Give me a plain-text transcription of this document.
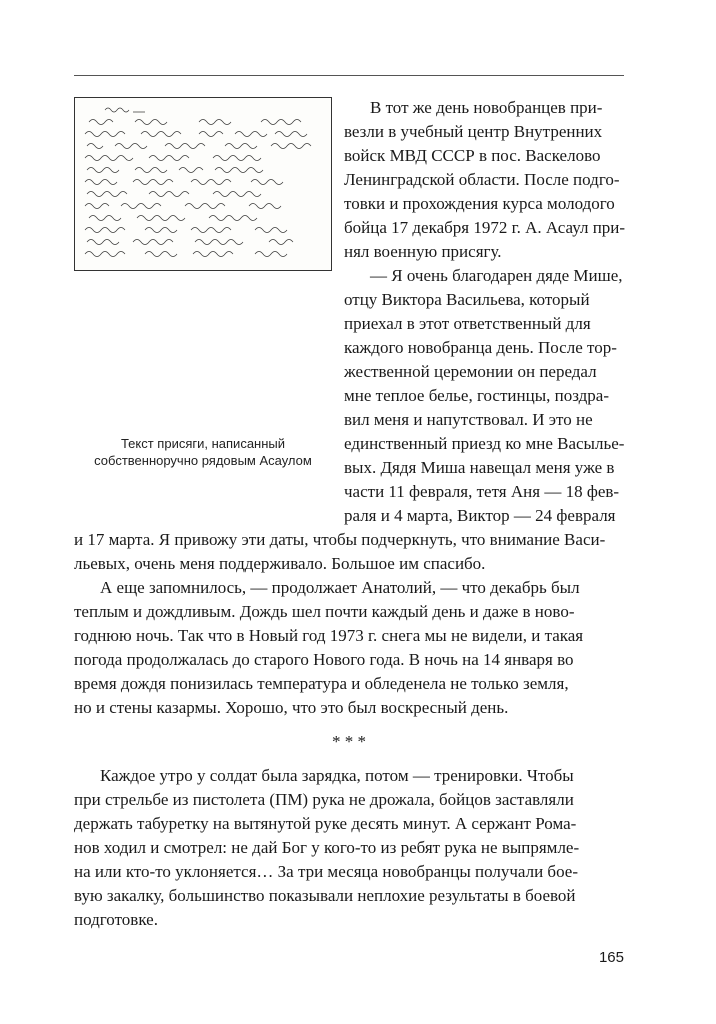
Текст присяги, написанный
собственноручно рядовым Асаулом
В тот же день новобранцев при-
везли в учебный центр Внутренних
войск МВД СССР в пос. Васкелово
Ленинградской области. После подго-
товки и прохождения курса молодого
бойца 17 декабря 1972 г. А. Асаул при-
нял военную присягу.
— Я очень благодарен дяде Мише,
отцу Виктора Васильева, который
приехал в этот ответственный для
каждого новобранца день. После тор-
жественной церемонии он передал
мне теплое белье, гостинцы, поздра-
вил меня и напутствовал. И это не
единственный приезд ко мне Васылье-
вых. Дядя Миша навещал меня уже в
части 11 февраля, тетя Аня — 18 фев-
раля и 4 марта, Виктор — 24 февраля
и 17 марта. Я привожу эти даты, чтобы подчеркнуть, что внимание Васи-
льевых, очень меня поддерживало. Большое им спасибо.
А еще запомнилось, — продолжает Анатолий, — что декабрь был
теплым и дождливым. Дождь шел почти каждый день и даже в ново-
годнюю ночь. Так что в Новый год 1973 г. снега мы не видели, и такая
погода продолжалась до старого Нового года. В ночь на 14 января во
время дождя понизилась температура и обледенела не только земля,
но и стены казармы. Хорошо, что это был воскресный день.
* * *
Каждое утро у солдат была зарядка, потом — тренировки. Чтобы
при стрельбе из пистолета (ПМ) рука не дрожала, бойцов заставляли
держать табуретку на вытянутой руке десять минут. А сержант Рома-
нов ходил и смотрел: не дай Бог у кого-то из ребят рука не выпрямле-
на или кто-то уклоняется… За три месяца новобранцы получали бое-
вую закалку, большинство показывали неплохие результаты в боевой
подготовке.
165
